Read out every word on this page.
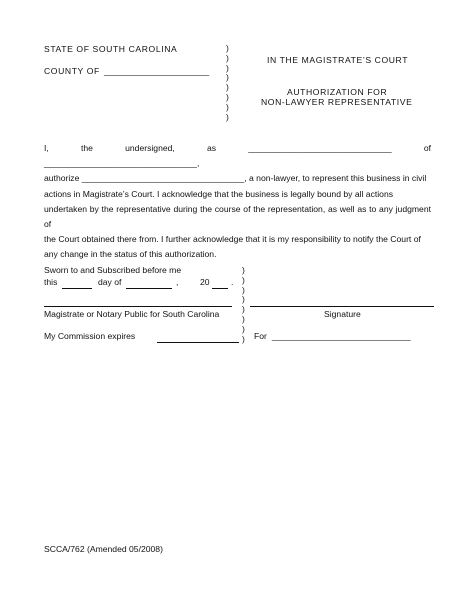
STATE OF SOUTH CAROLINA
COUNTY OF ______________________
)
)
)
)
)
)
)
)
IN THE MAGISTRATE’S COURT
AUTHORIZATION FOR
NON-LAWYER REPRESENTATIVE

I, the undersigned, as ______________________________ of ________________________________,

authorize __________________________________, a non-lawyer, to represent this business in civil

actions in Magistrate’s Court. I acknowledge that the business is legally bound by all actions

undertaken by the representative during the course of the representation, as well as to any judgment of

the Court obtained there from. I further acknowledge that it is my responsibility to notify the Court of

any change in the status of this authorization.

Sworn to and Subscribed before me
this	day of	,	20 .
Magistrate or Notary Public for South Carolina
My Commission expires
)
)
)
)
)
)
)
)
Signature
For _____________________________
SCCA/762 (Amended 05/2008)
